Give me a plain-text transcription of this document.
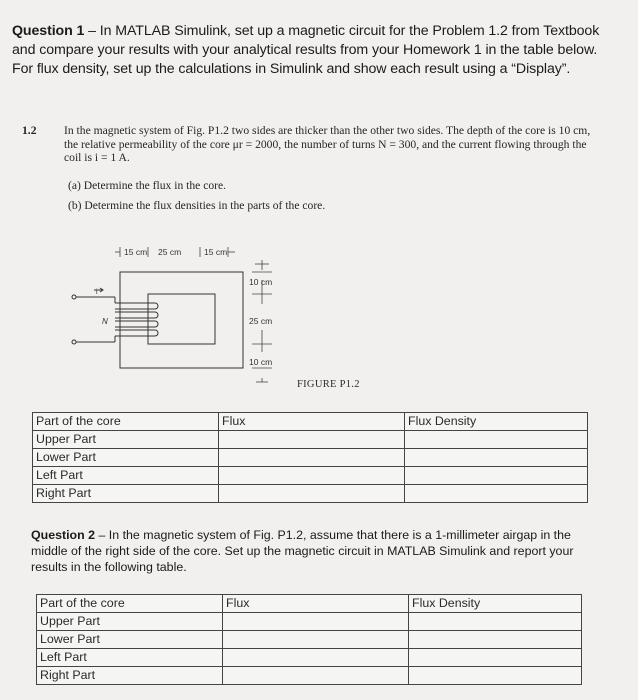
Question 1 – In MATLAB Simulink, set up a magnetic circuit for the Problem 1.2 from Textbook and compare your results with your analytical results from your Homework 1 in the table below. For flux density, set up the calculations in Simulink and show each result using a “Display”.
1.2 In the magnetic system of Fig. P1.2 two sides are thicker than the other two sides. The depth of the core is 10 cm, the relative permeability of the core μr = 2000, the number of turns N = 300, and the current flowing through the coil is i = 1 A.
(a) Determine the flux in the core.
(b) Determine the flux densities in the parts of the core.
15 cm 25 cm	15 cm
i
N
10 cm
25 cm
10 cm
FIGURE P1.2
Part of the core	Flux	Flux Density
Upper Part		
Lower Part		
Left Part		
Right Part		
Question 2 – In the magnetic system of Fig. P1.2, assume that there is a 1-millimeter airgap in the middle of the right side of the core. Set up the magnetic circuit in MATLAB Simulink and report your results in the following table.
Part of the core	Flux	Flux Density
Upper Part		
Lower Part		
Left Part		
Right Part		
